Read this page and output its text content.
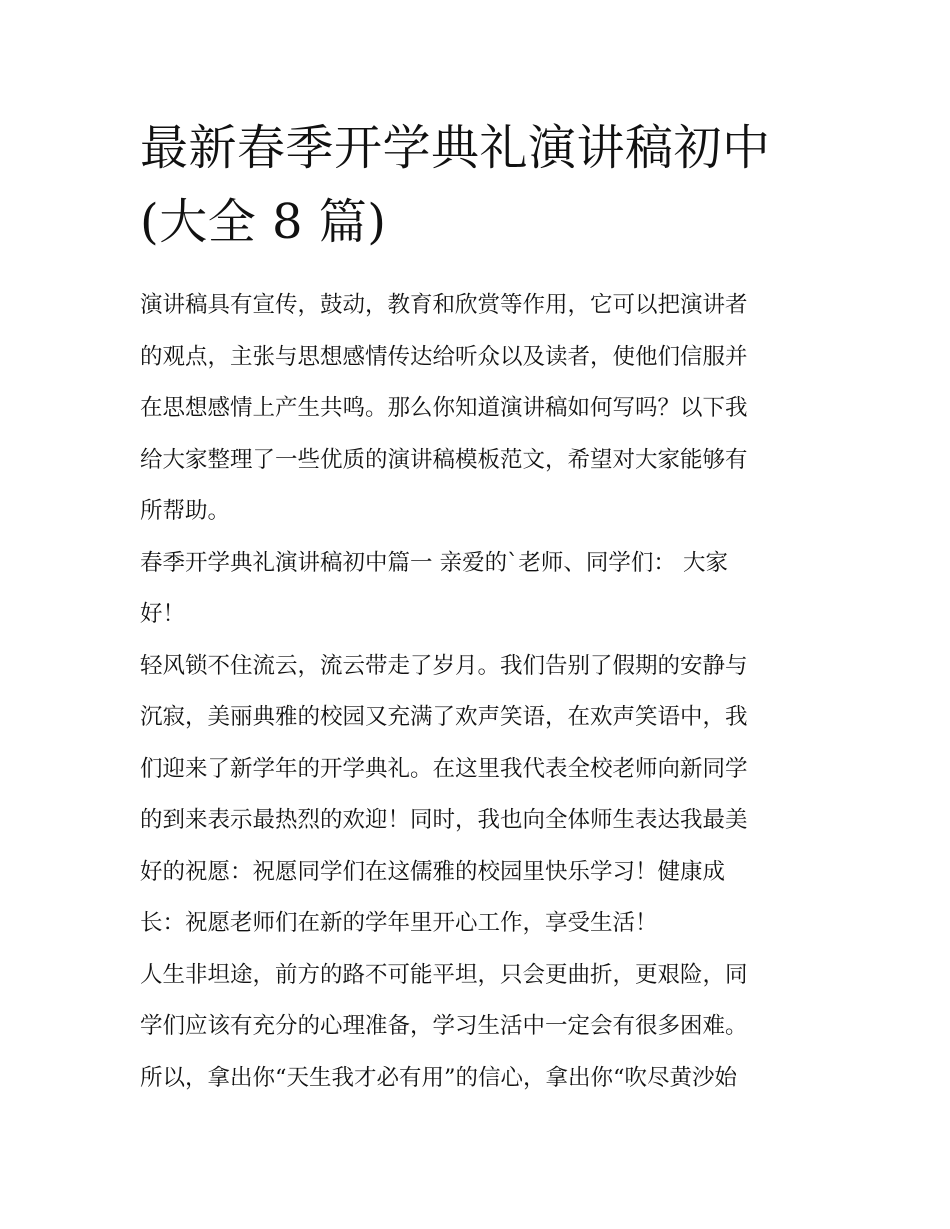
最新春季开学典礼演讲稿初中
(大全 8 篇)

演讲稿具有宣传，鼓动，教育和欣赏等作用，它可以把演讲者
的观点，主张与思想感情传达给听众以及读者，使他们信服并
在思想感情上产生共鸣。那么你知道演讲稿如何写吗？以下我
给大家整理了一些优质的演讲稿模板范文，希望对大家能够有
所帮助。

春季开学典礼演讲稿初中篇一 亲爱的`老师、同学们： 大家
好！

轻风锁不住流云，流云带走了岁月。我们告别了假期的安静与
沉寂，美丽典雅的校园又充满了欢声笑语，在欢声笑语中，我
们迎来了新学年的开学典礼。在这里我代表全校老师向新同学
的到来表示最热烈的欢迎！同时，我也向全体师生表达我最美
好的祝愿：祝愿同学们在这儒雅的校园里快乐学习！健康成
长：祝愿老师们在新的学年里开心工作，享受生活！

人生非坦途，前方的路不可能平坦，只会更曲折，更艰险，同
学们应该有充分的心理准备，学习生活中一定会有很多困难。
所以，拿出你“天生我才必有用”的信心，拿出你“吹尽黄沙始
